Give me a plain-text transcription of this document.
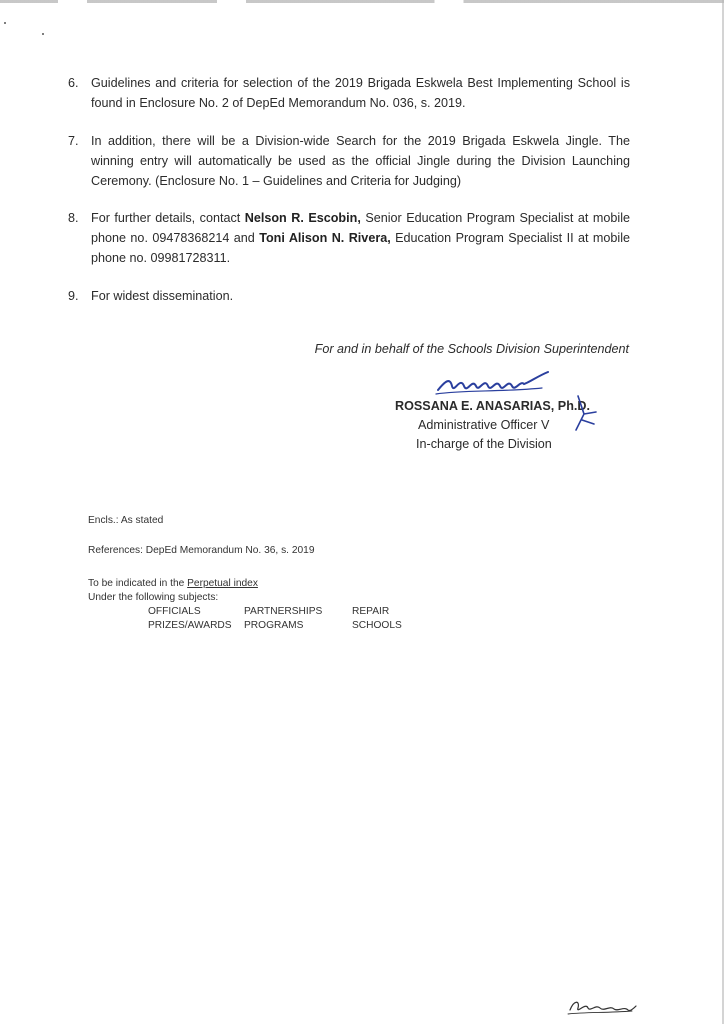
6. Guidelines and criteria for selection of the 2019 Brigada Eskwela Best Implementing School is found in Enclosure No. 2 of DepEd Memorandum No. 036, s. 2019.
7. In addition, there will be a Division-wide Search for the 2019 Brigada Eskwela Jingle. The winning entry will automatically be used as the official Jingle during the Division Launching Ceremony. (Enclosure No. 1 – Guidelines and Criteria for Judging)
8. For further details, contact Nelson R. Escobin, Senior Education Program Specialist at mobile phone no. 09478368214 and Toni Alison N. Rivera, Education Program Specialist II at mobile phone no. 09981728311.
9. For widest dissemination.
For and in behalf of the Schools Division Superintendent
ROSSANA E. ANASARIAS, Ph.D.
Administrative Officer V
In-charge of the Division
Encls.: As stated
References: DepEd Memorandum No. 36, s. 2019
To be indicated in the Perpetual index
Under the following subjects:
OFFICIALS	PARTNERSHIPS	REPAIR
PRIZES/AWARDS	PROGRAMS	SCHOOLS
